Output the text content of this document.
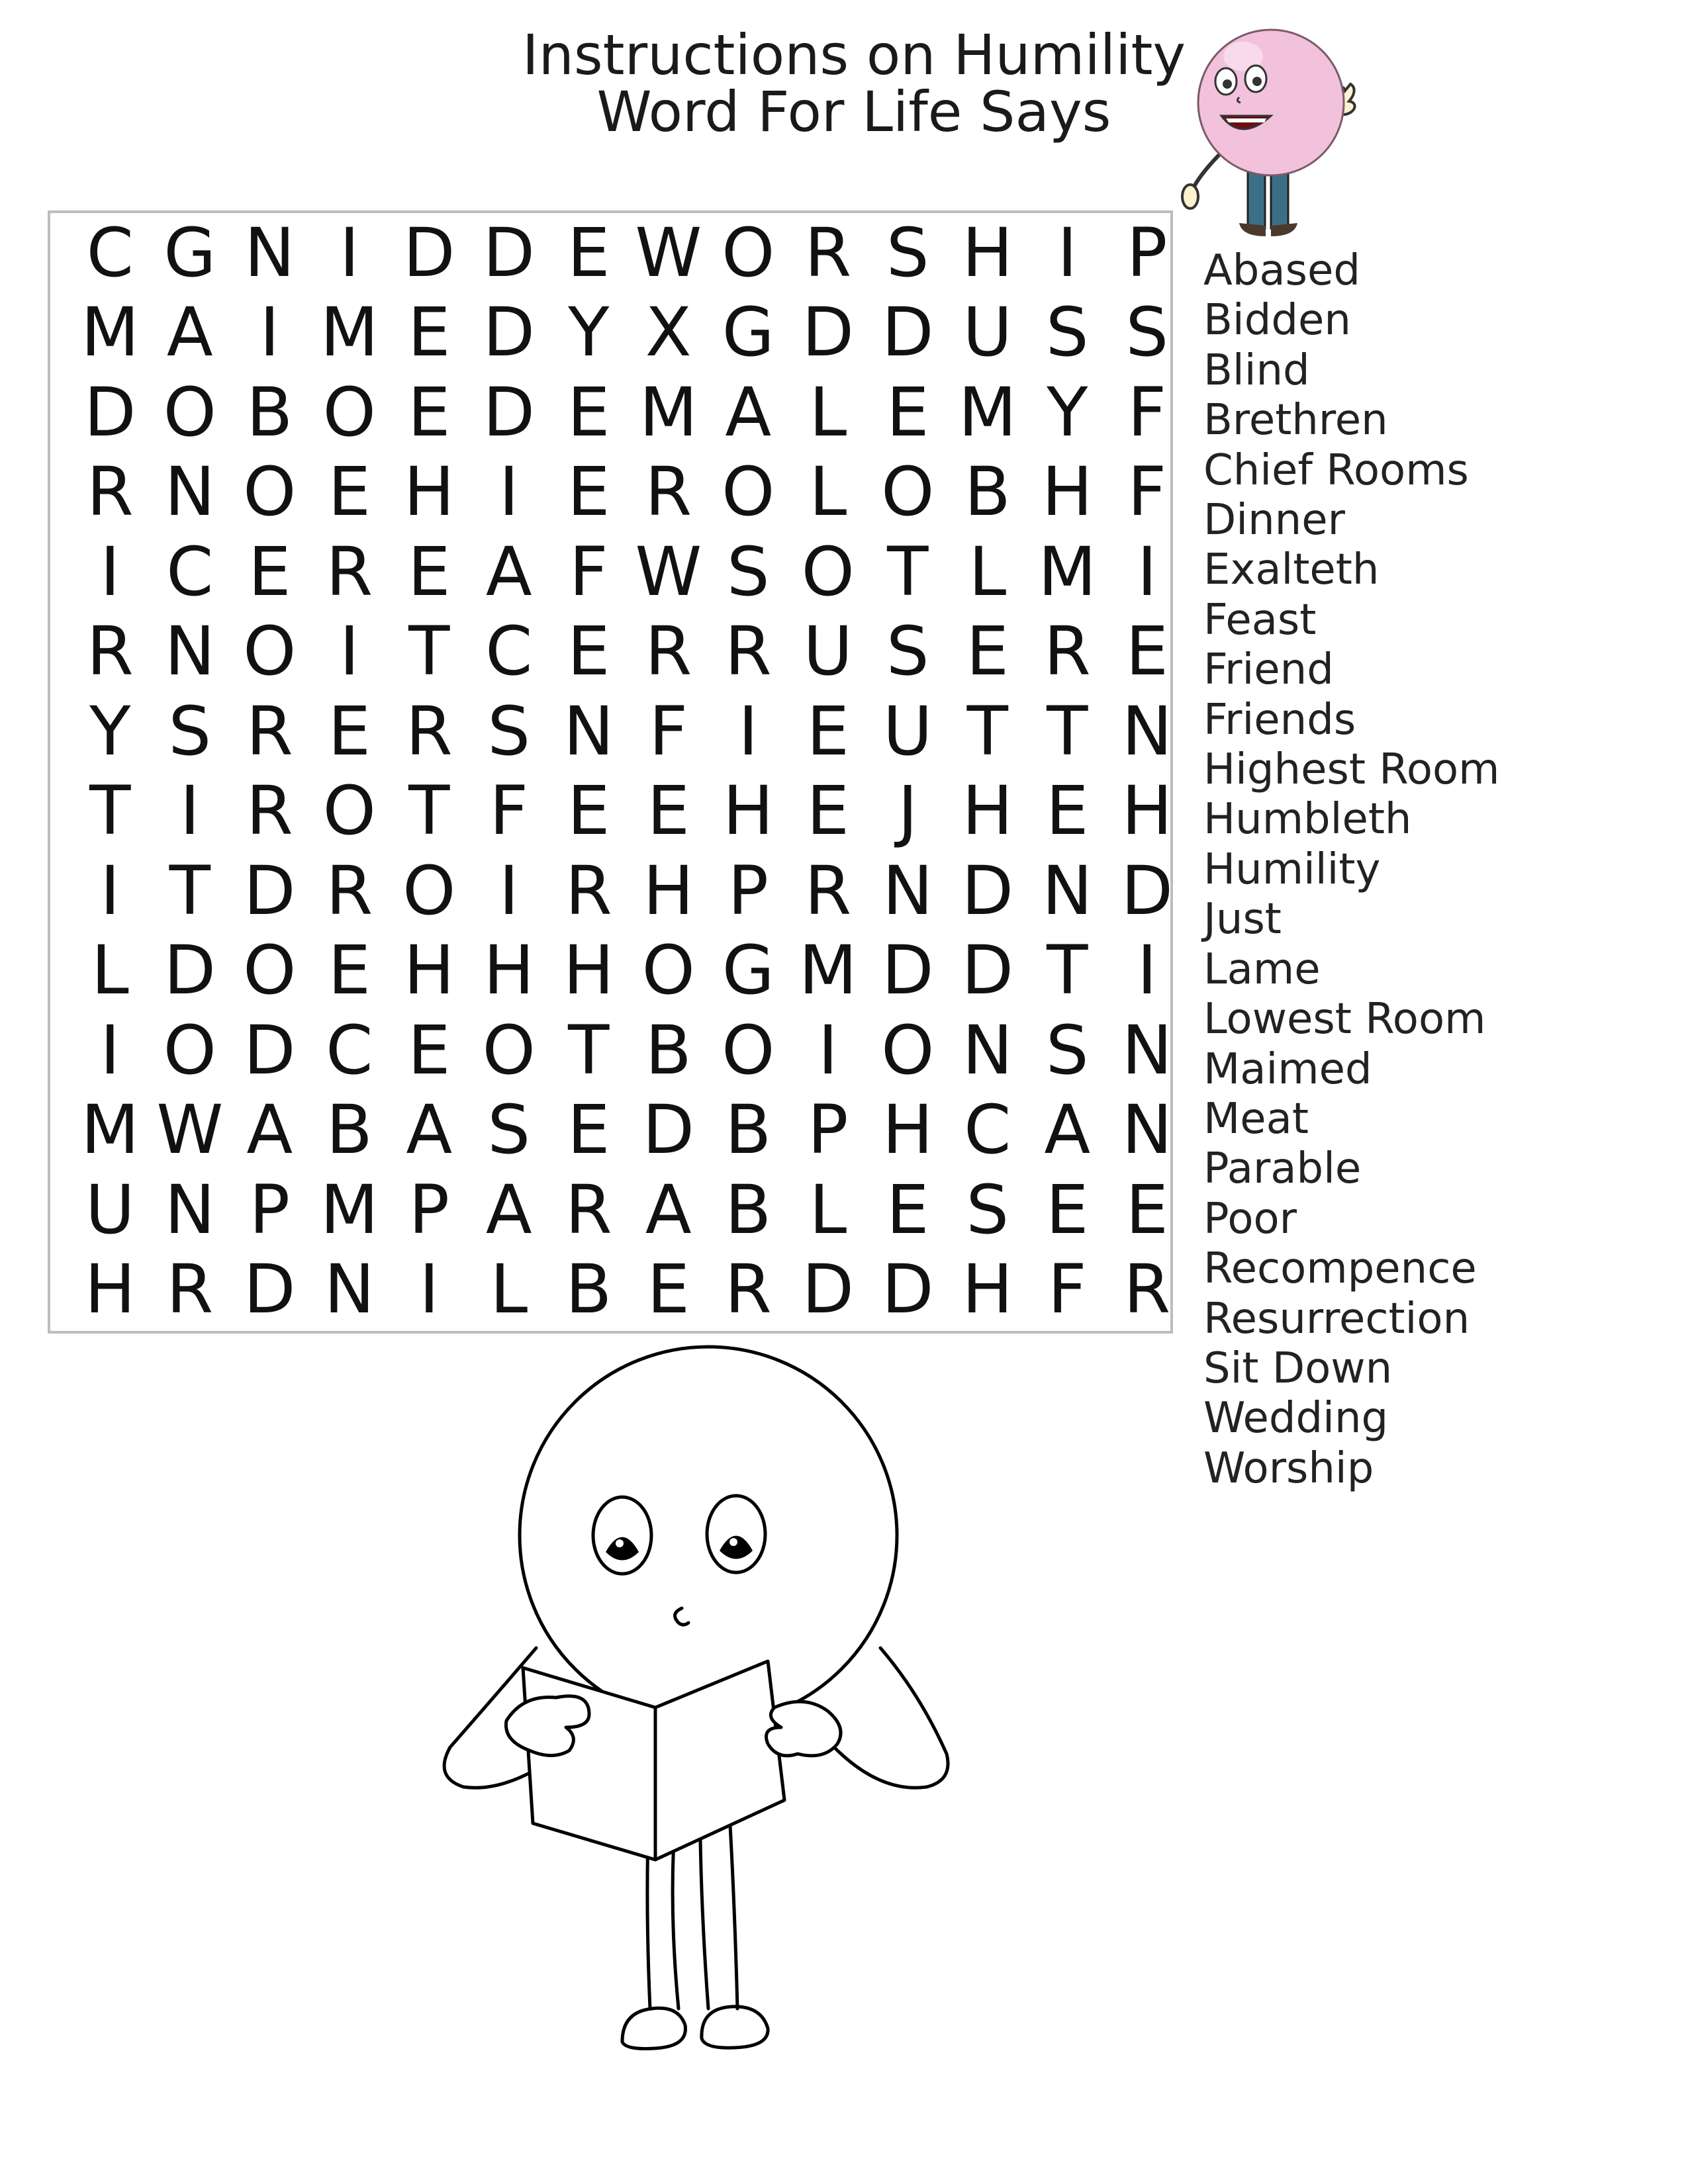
Instructions on Humility
Word For Life Says
C G N I D D E W O R S H I P
M A I M E D Y X G D D U S S
D O B O E D E M A L E M Y F
R N O E H I E R O L O B H F
I C E R E A F W S O T L M I
R N O I T C E R R U S E R E
Y S R E R S N F I E U T T N
T I R O T F E E H E J H E H
I T D R O I R H P R N D N D
L D O E H H H O G M D D T I
I O D C E O T B O I O N S N
M W A B A S E D B P H C A N
U N P M P A R A B L E S E E
H R D N I L B E R D D H F R
Abased
Bidden
Blind
Brethren
Chief Rooms
Dinner
Exalteth
Feast
Friend
Friends
Highest Room
Humbleth
Humility
Just
Lame
Lowest Room
Maimed
Meat
Parable
Poor
Recompence
Resurrection
Sit Down
Wedding
Worship
